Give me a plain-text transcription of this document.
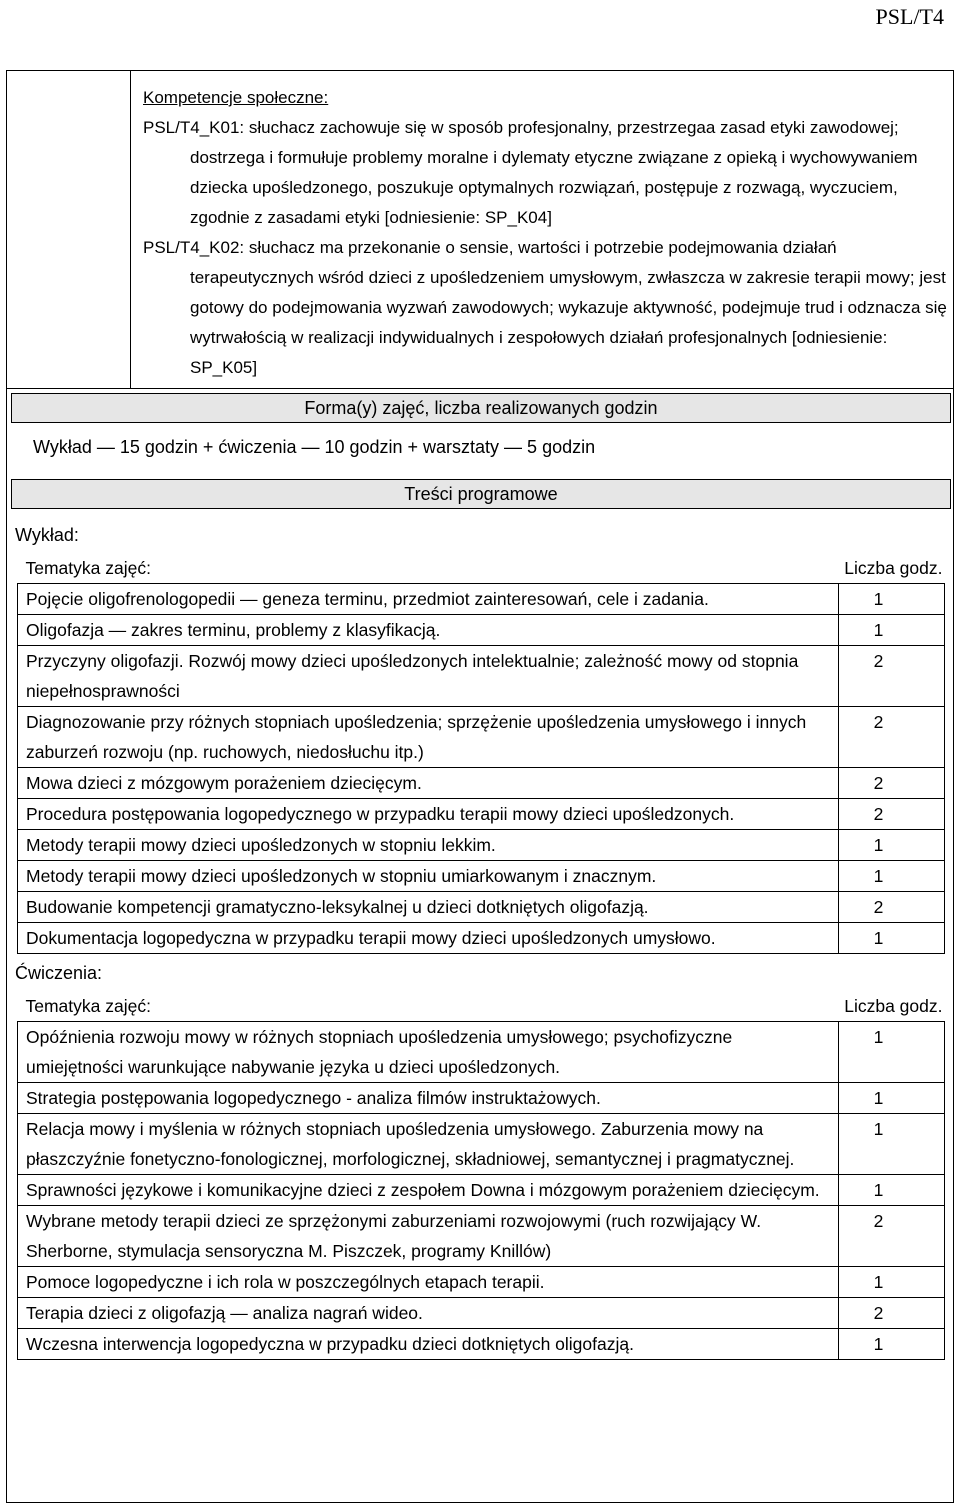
PSL/T4
Kompetencje społeczne:
PSL/T4_K01: słuchacz zachowuje się w sposób profesjonalny, przestrzegaa zasad etyki zawodowej; dostrzega i formułuje problemy moralne i dylematy etyczne związane z opieką i wychowywaniem dziecka upośledzonego, poszukuje optymalnych rozwiązań, postępuje z rozwagą, wyczuciem, zgodnie z zasadami etyki [odniesienie: SP_K04]
PSL/T4_K02: słuchacz ma przekonanie o sensie, wartości i potrzebie podejmowania działań terapeutycznych wśród dzieci z upośledzeniem umysłowym, zwłaszcza w zakresie terapii mowy; jest gotowy do podejmowania wyzwań zawodowych; wykazuje aktywność, podejmuje trud i odznacza się wytrwałością w realizacji indywidualnych i zespołowych działań profesjonalnych [odniesienie: SP_K05]
Forma(y) zajęć, liczba realizowanych godzin
Wykład — 15 godzin + ćwiczenia — 10 godzin + warsztaty — 5 godzin
Treści programowe
Wykład:
Tematyka zajęć:	Liczba godz.
Pojęcie oligofrenologopedii — geneza terminu, przedmiot zainteresowań, cele i zadania.	1
Oligofazja — zakres terminu, problemy z klasyfikacją.	1
Przyczyny oligofazji. Rozwój mowy dzieci upośledzonych intelektualnie; zależność mowy od stopnia niepełnosprawności	2
Diagnozowanie przy różnych stopniach upośledzenia; sprzężenie upośledzenia umysłowego i innych zaburzeń rozwoju (np. ruchowych, niedosłuchu itp.)	2
Mowa dzieci z mózgowym porażeniem dziecięcym.	2
Procedura postępowania logopedycznego w przypadku terapii mowy dzieci upośledzonych.	2
Metody terapii mowy dzieci upośledzonych w stopniu lekkim.	1
Metody terapii mowy dzieci upośledzonych w stopniu umiarkowanym i znacznym.	1
Budowanie kompetencji gramatyczno-leksykalnej u dzieci dotkniętych oligofazją.	2
Dokumentacja logopedyczna w przypadku terapii mowy dzieci upośledzonych umysłowo.	1
Ćwiczenia:
Tematyka zajęć:	Liczba godz.
Opóźnienia rozwoju mowy w różnych stopniach upośledzenia umysłowego; psychofizyczne umiejętności warunkujące nabywanie języka u dzieci upośledzonych.	1
Strategia postępowania logopedycznego - analiza filmów instruktażowych.	1
Relacja mowy i myślenia w różnych stopniach upośledzenia umysłowego. Zaburzenia mowy na płaszczyźnie fonetyczno-fonologicznej, morfologicznej, składniowej, semantycznej i pragmatycznej.	1
Sprawności językowe i komunikacyjne dzieci z zespołem Downa i mózgowym porażeniem dziecięcym.	1
Wybrane metody terapii dzieci ze sprzężonymi zaburzeniami rozwojowymi (ruch rozwijający W. Sherborne, stymulacja sensoryczna M. Piszczek, programy Knillów)	2
Pomoce logopedyczne i ich rola w poszczególnych etapach terapii.	1
Terapia dzieci z oligofazją — analiza nagrań wideo.	2
Wczesna interwencja logopedyczna w przypadku dzieci dotkniętych oligofazją.	1
